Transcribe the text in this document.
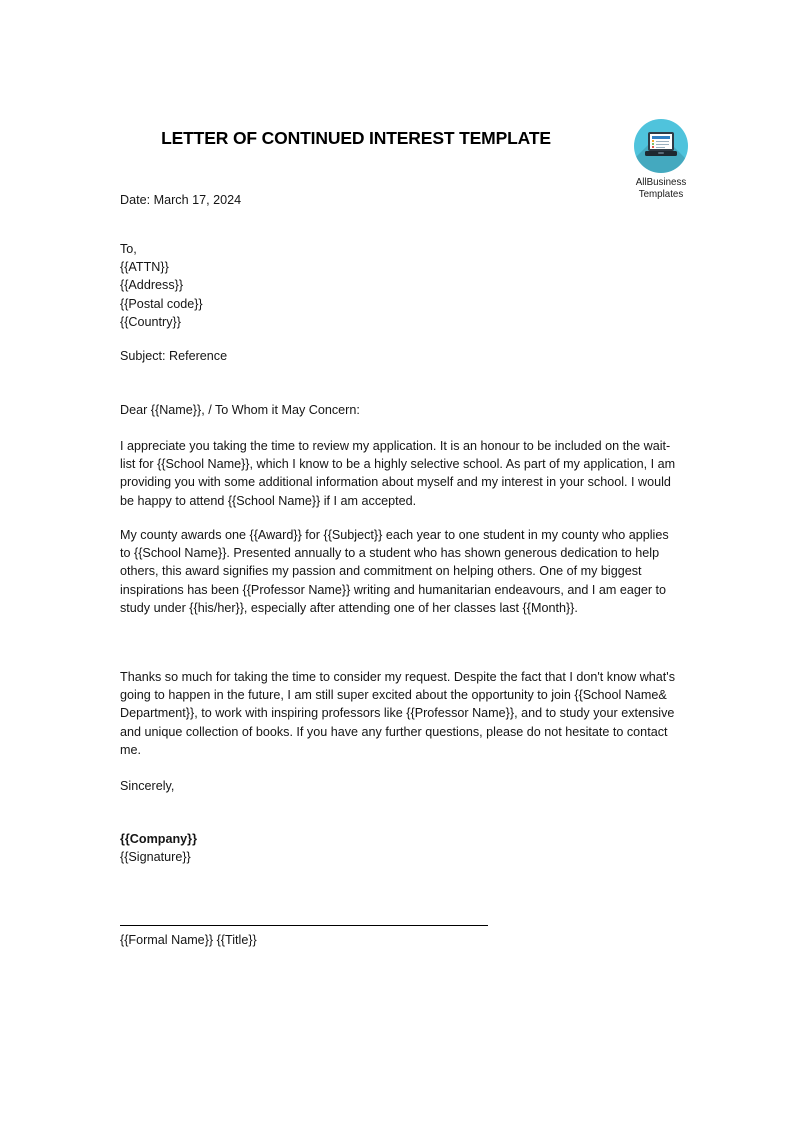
LETTER OF CONTINUED INTEREST TEMPLATE
AllBusiness
Templates
Date: March 17, 2024
To,
{{ATTN}}
{{Address}}
{{Postal code}}
{{Country}}
Subject: Reference
Dear {{Name}}, / To Whom it May Concern:
I appreciate you taking the time to review my application. It is an honour to be included on the wait-list for {{School Name}}, which I know to be a highly selective school. As part of my application, I am providing you with some additional information about myself and my interest in your school. I would be happy to attend {{School Name}} if I am accepted.
My county awards one {{Award}} for {{Subject}} each year to one student in my county who applies to {{School Name}}. Presented annually to a student who has shown generous dedication to help others, this award signifies my passion and commitment on helping others. One of my biggest inspirations has been {{Professor Name}} writing and humanitarian endeavours, and I am eager to study under {{his/her}}, especially after attending one of her classes last {{Month}}.
Thanks so much for taking the time to consider my request. Despite the fact that I don't know what's going to happen in the future, I am still super excited about the opportunity to join {{School Name& Department}}, to work with inspiring professors like {{Professor Name}}, and to study your extensive and unique collection of books. If you have any further questions, please do not hesitate to contact me.
Sincerely,
{{Company}}
{{Signature}}
{{Formal Name}} {{Title}}
